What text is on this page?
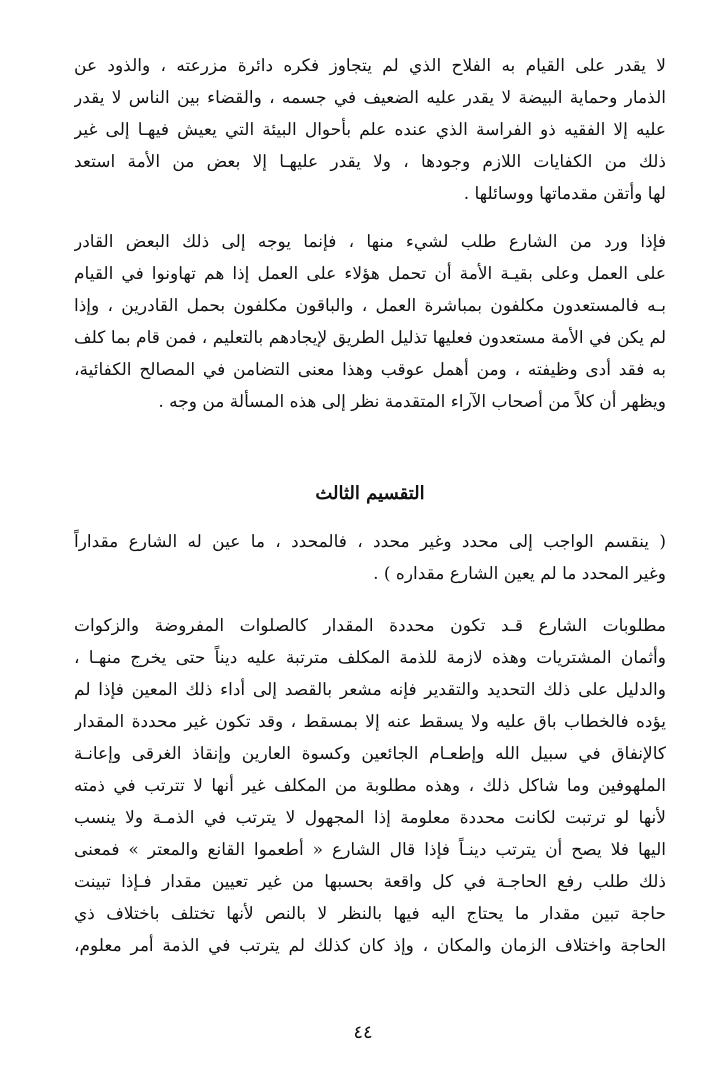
لا يقدر على القيام به الفلاح الذي لم يتجاوز فكره دائرة مزرعته ، والذود عن

الذمار وحماية البيضة لا يقدر عليه الضعيف في جسمه ، والقضاء بين الناس لا يقدر

عليه إلا الفقيه ذو الفراسة الذي عنده علم بأحوال البيئة التي يعيش فيهـا إلى غير

ذلك من الكفايات اللازم وجودها ، ولا يقدر عليهـا إلا بعض من الأمة استعد

لها وأتقن مقدماتها ووسائلها .

فإذا ورد من الشارع طلب لشيء منها ، فإنما يوجه إلى ذلك البعض القادر

على العمل وعلى بقيـة الأمة أن تحمل هؤلاء على العمل إذا هم تهاونوا في القيام

بـه فالمستعدون مكلفون بمباشرة العمل ، والباقون مكلفون بحمل القادرين ، وإذا

لم يكن في الأمة مستعدون فعليها تذليل الطريق لإيجادهم بالتعليم ، فمن قام بما كلف

به فقد أدى وظيفته ، ومن أهمل عوقب وهذا معنى التضامن في المصالح الكفائية،

ويظهر أن كلاً من أصحاب الآراء المتقدمة نظر إلى هذه المسألة من وجه .

التقسيم الثالث

( ينقسم الواجب إلى محدد وغير محدد ، فالمحدد ، ما عين له الشارع مقداراً

وغير المحدد ما لم يعين الشارع مقداره ) .

مطلوبات الشارع قـد تكون محددة المقدار كالصلوات المفروضة والزكوات

وأثمان المشتريات وهذه لازمة للذمة المكلف مترتبة عليه ديناً حتى يخرج منهـا ،

والدليل على ذلك التحديد والتقدير فإنه مشعر بالقصد إلى أداء ذلك المعين فإذا لم

يؤده فالخطاب باق عليه ولا يسقط عنه إلا بمسقط ، وقد تكون غير محددة المقدار

كالإنفاق في سبيل الله وإطعـام الجائعين وكسوة العارين وإنقاذ الغرقى وإعانـة

الملهوفين وما شاكل ذلك ، وهذه مطلوبة من المكلف غير أنها لا تترتب في ذمته

لأنها لو ترتبت لكانت محددة معلومة إذا المجهول لا يترتب في الذمـة ولا ينسب

اليها فلا يصح أن يترتب دينـاً فإذا قال الشارع « أطعموا القانع والمعتر » فمعنى

ذلك طلب رفع الحاجـة في كل واقعة بحسبها من غير تعيين مقدار فـإذا تبينت

حاجة تبين مقدار ما يحتاج اليه فيها بالنظر لا بالنص لأنها تختلف باختلاف ذي

الحاجة واختلاف الزمان والمكان ، وإذ كان كذلك لم يترتب في الذمة أمر معلوم،

٤٤
